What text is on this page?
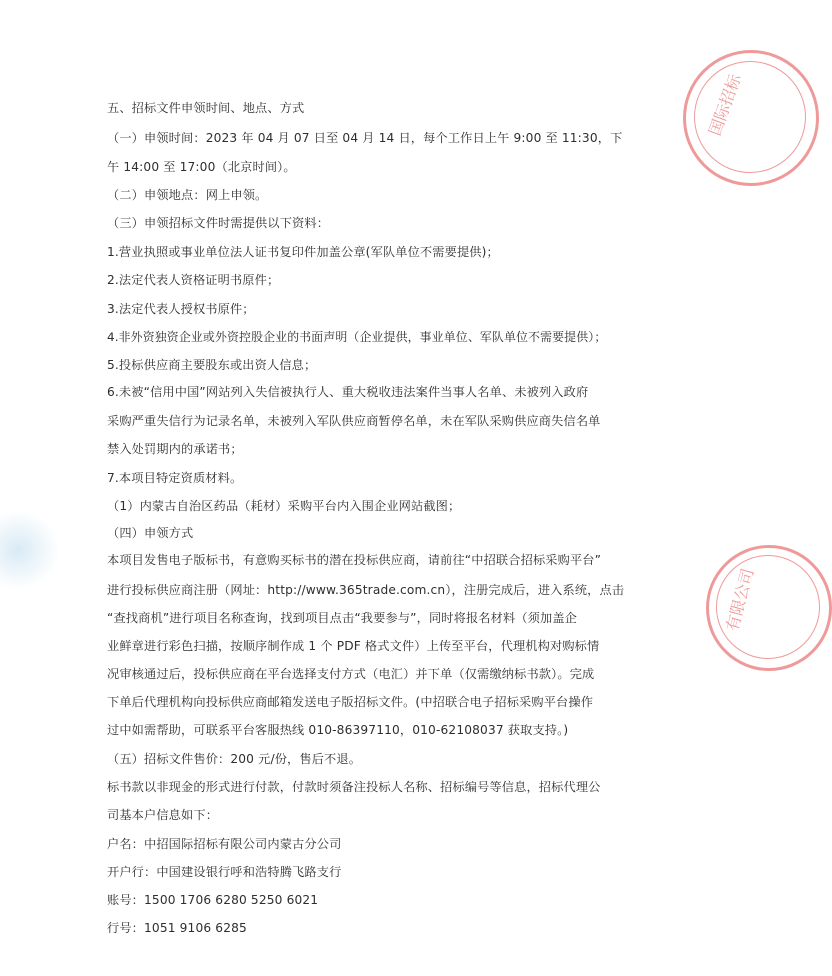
五、招标文件申领时间、地点、方式
（一）申领时间：2023 年 04 月 07 日至 04 月 14 日，每个工作日上午 9:00 至 11:30，下
午 14:00 至 17:00（北京时间）。
（二）申领地点：网上申领。
（三）申领招标文件时需提供以下资料：
1.营业执照或事业单位法人证书复印件加盖公章(军队单位不需要提供)；
2.法定代表人资格证明书原件；
3.法定代表人授权书原件；
4.非外资独资企业或外资控股企业的书面声明（企业提供，事业单位、军队单位不需要提供）；
5.投标供应商主要股东或出资人信息；
6.未被“信用中国”网站列入失信被执行人、重大税收违法案件当事人名单、未被列入政府
采购严重失信行为记录名单，未被列入军队供应商暂停名单，未在军队采购供应商失信名单
禁入处罚期内的承诺书；
7.本项目特定资质材料。
（1）内蒙古自治区药品（耗材）采购平台内入围企业网站截图；
（四）申领方式
本项目发售电子版标书，有意购买标书的潜在投标供应商，请前往“中招联合招标采购平台”
进行投标供应商注册（网址：http://www.365trade.com.cn），注册完成后，进入系统，点击
“查找商机”进行项目名称查询，找到项目点击“我要参与”，同时将报名材料（须加盖企
业鲜章进行彩色扫描，按顺序制作成 1 个 PDF 格式文件）上传至平台，代理机构对购标情
况审核通过后，投标供应商在平台选择支付方式（电汇）并下单（仅需缴纳标书款）。完成
下单后代理机构向投标供应商邮箱发送电子版招标文件。(中招联合电子招标采购平台操作
过中如需帮助，可联系平台客服热线 010-86397110，010-62108037 获取支持。)
（五）招标文件售价：200 元/份，售后不退。
标书款以非现金的形式进行付款，付款时须备注投标人名称、招标编号等信息，招标代理公
司基本户信息如下：
户名：中招国际招标有限公司内蒙古分公司
开户行：中国建设银行呼和浩特腾飞路支行
账号：1500 1706 6280 5250 6021
行号：1051 9106 6285
国际招标
有限公司
